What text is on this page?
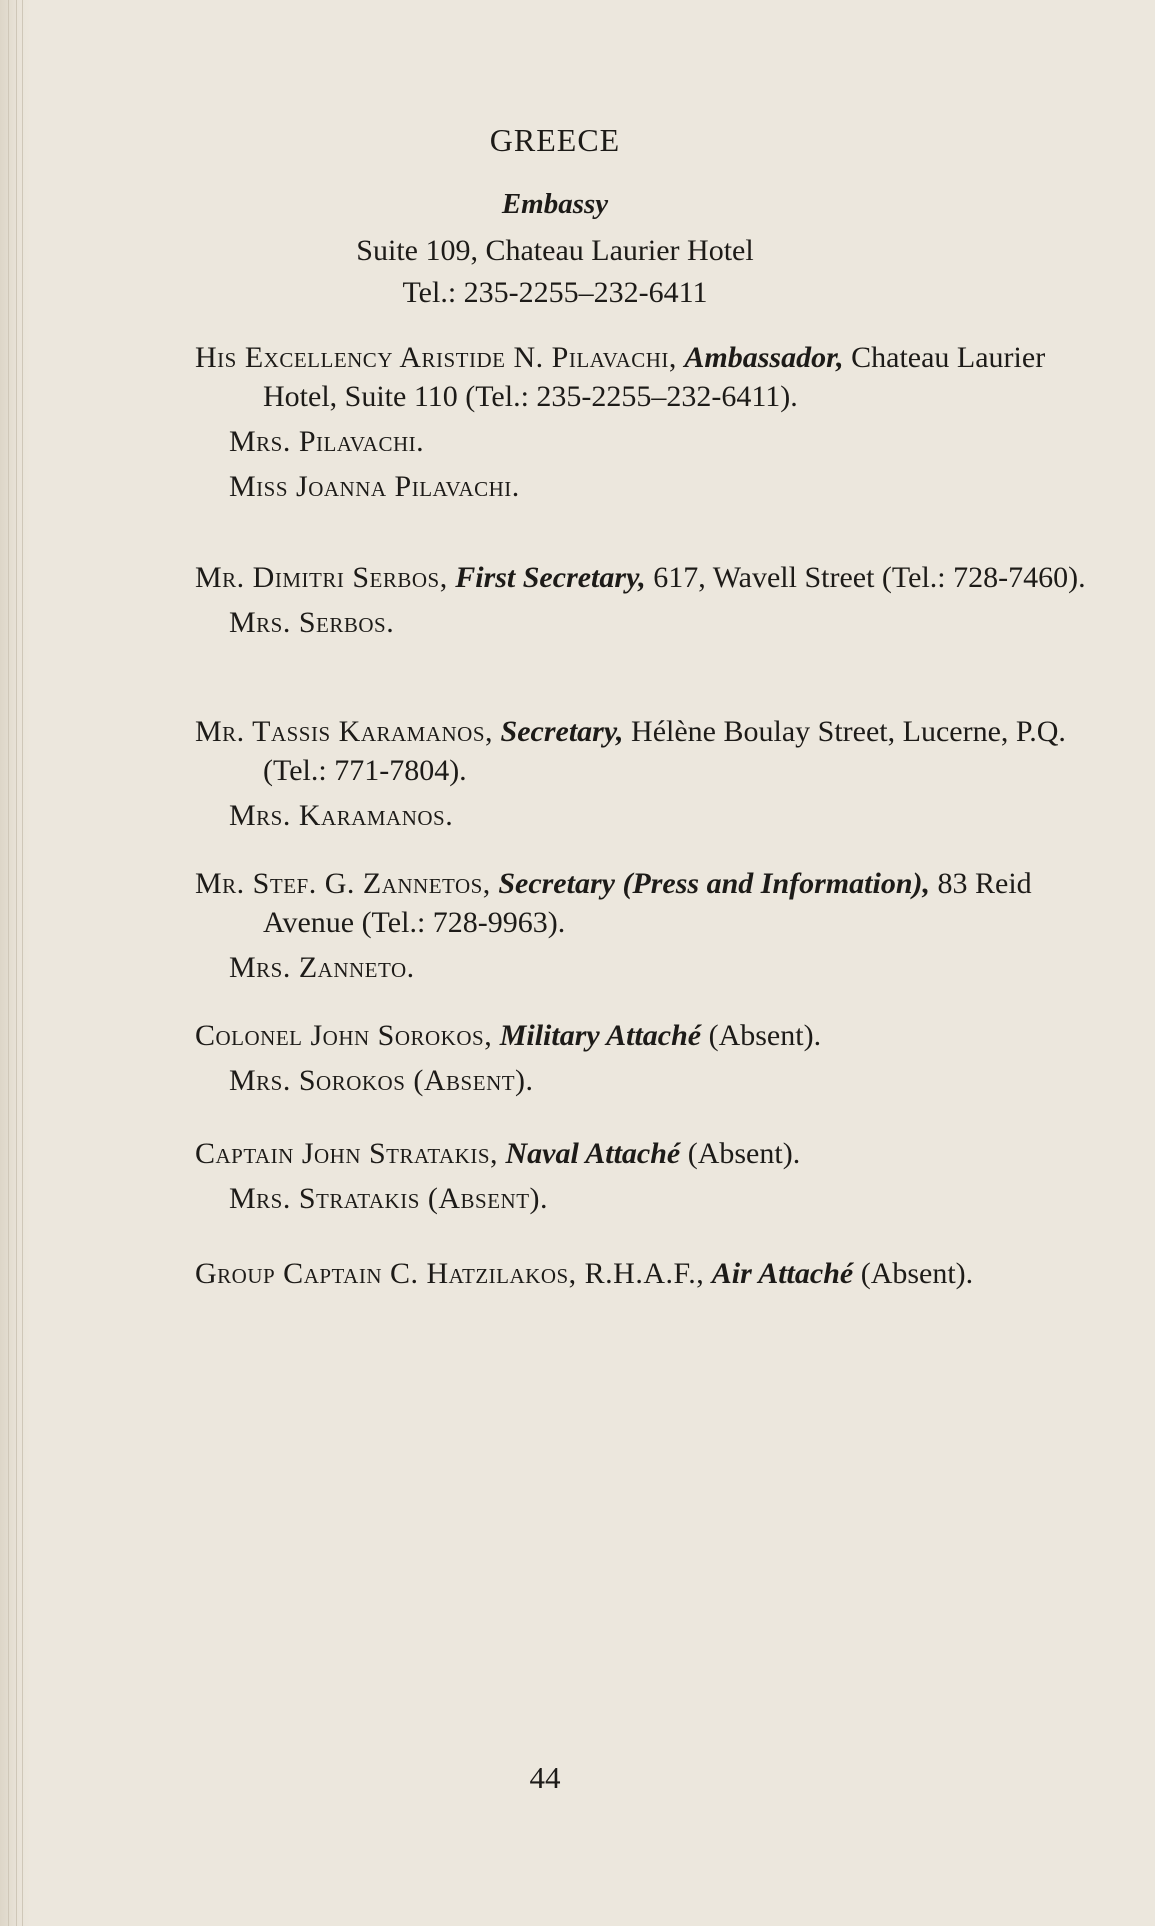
GREECE
Embassy
Suite 109, Chateau Laurier Hotel
Tel.: 235-2255–232-6411
His Excellency Aristide N. Pilavachi, Ambassador, Chateau Laurier Hotel, Suite 110 (Tel.: 235-2255–232-6411).
Mrs. Pilavachi.
Miss Joanna Pilavachi.
Mr. Dimitri Serbos, First Secretary, 617, Wavell Street (Tel.: 728-7460).
Mrs. Serbos.
Mr. Tassis Karamanos, Secretary, Hélène Boulay Street, Lucerne, P.Q. (Tel.: 771-7804).
Mrs. Karamanos.
Mr. Stef. G. Zannetos, Secretary (Press and Information), 83 Reid Avenue (Tel.: 728-9963).
Mrs. Zanneto.
Colonel John Sorokos, Military Attaché (Absent).
Mrs. Sorokos (Absent).
Captain John Stratakis, Naval Attaché (Absent).
Mrs. Stratakis (Absent).
Group Captain C. Hatzilakos, R.H.A.F., Air Attaché (Absent).
44
